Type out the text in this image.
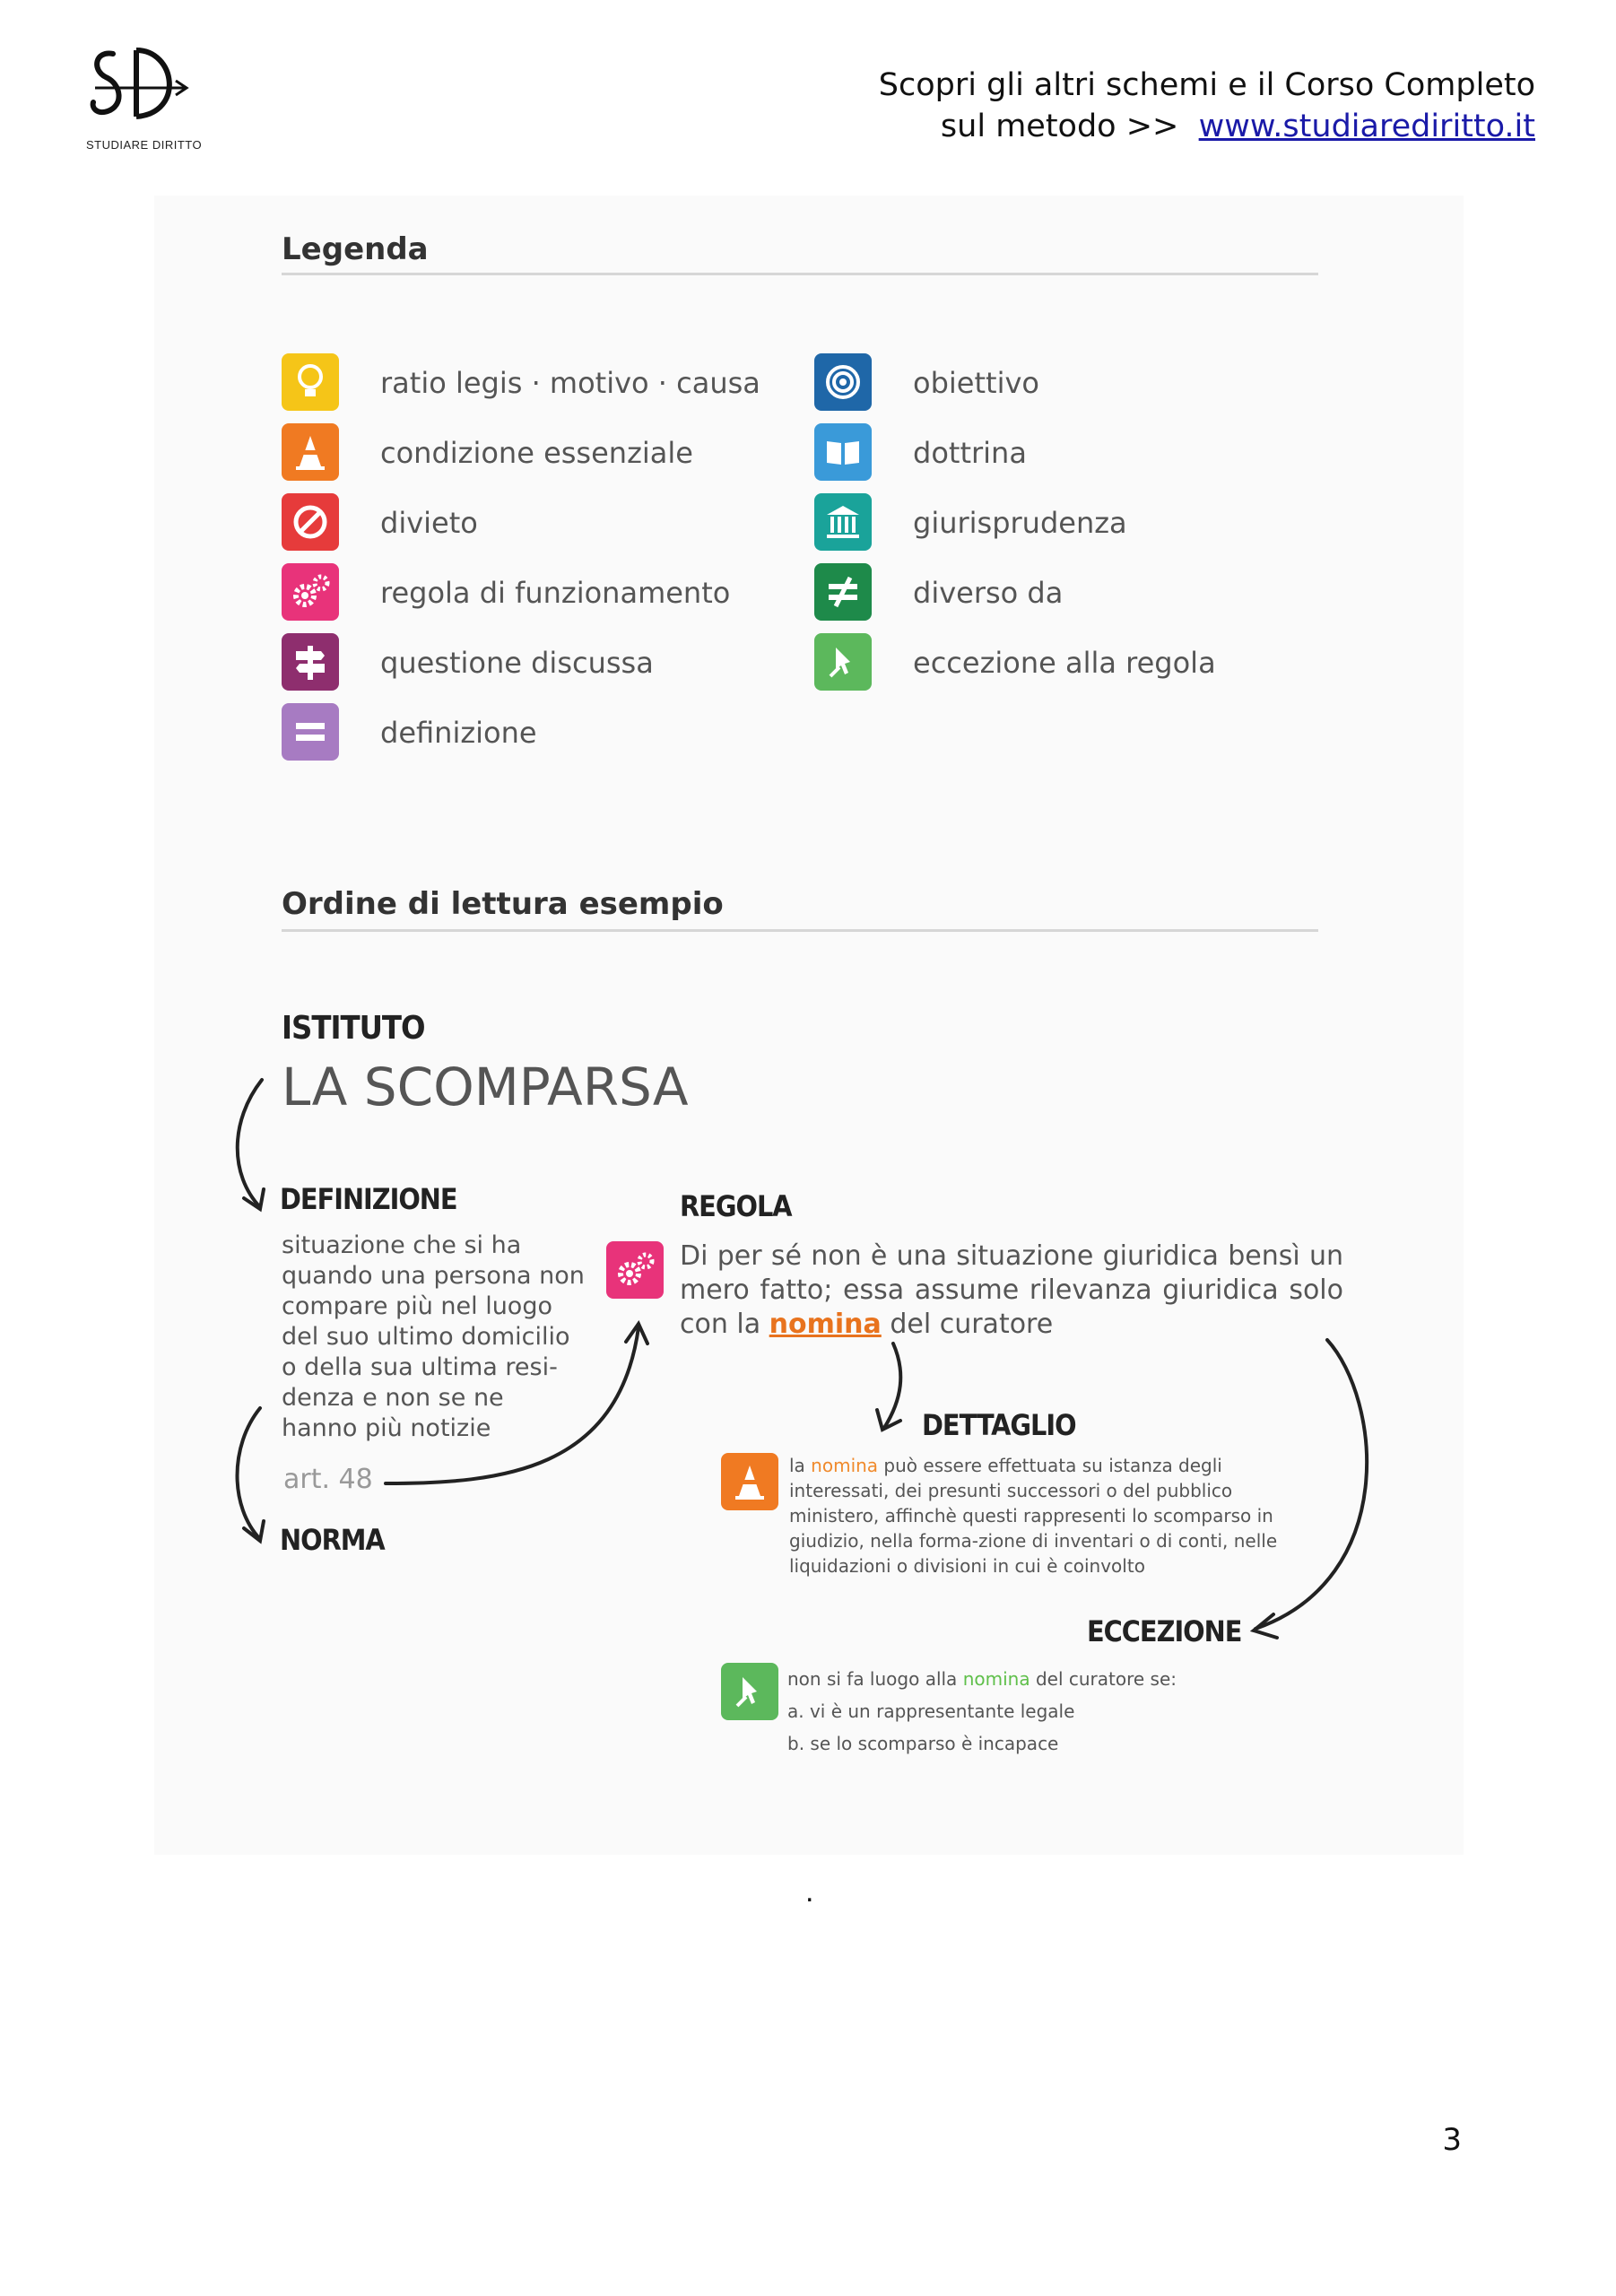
STUDIARE DIRITTO
Scopri gli altri schemi e il Corso Completo
sul metodo >> www.studiarediritto.it
Legenda
ratio legis · motivo · causa
condizione essenziale
divieto
regola di funzionamento
questione discussa
definizione
obiettivo
dottrina
giurisprudenza
diverso da
eccezione alla regola
Ordine di lettura esempio
ISTITUTO
LA SCOMPARSA
DEFINIZIONE
situazione che si ha quando una persona non compare più nel luogo del suo ultimo domicilio o della sua ultima resi-denza e non se ne hanno più notizie
art. 48
NORMA
REGOLA
Di per sé non è una situazione giuridica bensì un mero fatto; essa assume rilevanza giuridica solo con la nomina del curatore
DETTAGLIO
la nomina può essere effettuata su istanza degli interessati, dei presunti successori o del pubblico ministero, affinchè questi rappresenti lo scomparso in giudizio, nella forma-zione di inventari o di conti, nelle liquidazioni o divisioni in cui è coinvolto
ECCEZIONE
non si fa luogo alla nomina del curatore se:
a. vi è un rappresentante legale
b. se lo scomparso è incapace
.
3
